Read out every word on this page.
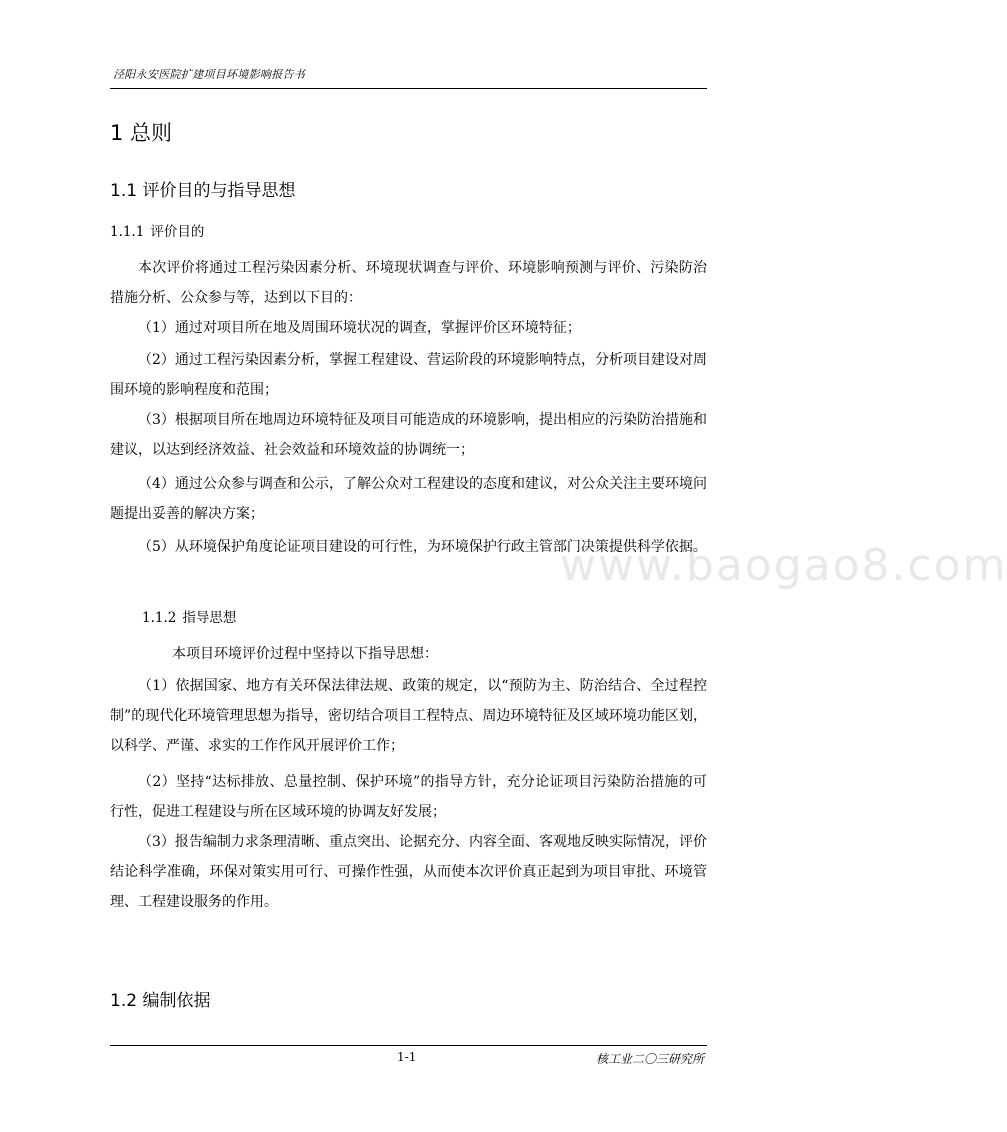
泾阳永安医院扩建项目环境影响报告书
www.baogao8.com
1 总则
1.1 评价目的与指导思想
1.1.1 评价目的
本次评价将通过工程污染因素分析、环境现状调查与评价、环境影响预测与评价、污染防治措施分析、公众参与等，达到以下目的：
（1）通过对项目所在地及周围环境状况的调查，掌握评价区环境特征；
（2）通过工程污染因素分析，掌握工程建设、营运阶段的环境影响特点，分析项目建设对周围环境的影响程度和范围；
（3）根据项目所在地周边环境特征及项目可能造成的环境影响，提出相应的污染防治措施和建议，以达到经济效益、社会效益和环境效益的协调统一；
（4）通过公众参与调查和公示，了解公众对工程建设的态度和建议，对公众关注主要环境问题提出妥善的解决方案；
（5）从环境保护角度论证项目建设的可行性，为环境保护行政主管部门决策提供科学依据。
1.1.2 指导思想
本项目环境评价过程中坚持以下指导思想：
（1）依据国家、地方有关环保法律法规、政策的规定，以“预防为主、防治结合、全过程控制”的现代化环境管理思想为指导，密切结合项目工程特点、周边环境特征及区域环境功能区划，以科学、严谨、求实的工作作风开展评价工作；
（2）坚持“达标排放、总量控制、保护环境”的指导方针，充分论证项目污染防治措施的可行性，促进工程建设与所在区域环境的协调友好发展；
（3）报告编制力求条理清晰、重点突出、论据充分、内容全面、客观地反映实际情况，评价结论科学准确，环保对策实用可行、可操作性强，从而使本次评价真正起到为项目审批、环境管理、工程建设服务的作用。
1.2 编制依据
1-1	核工业二〇三研究所
